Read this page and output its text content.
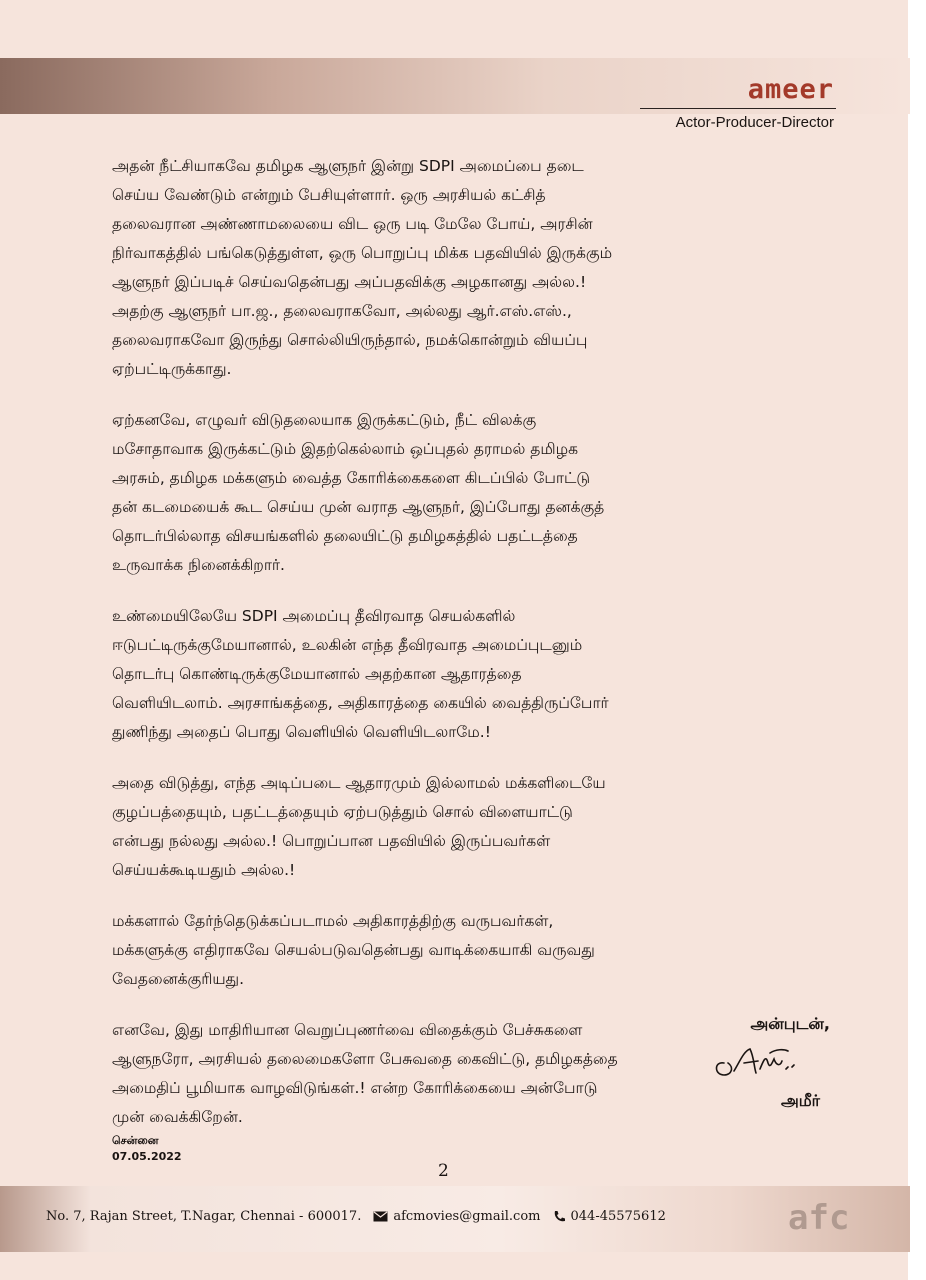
ameer
Actor-Producer-Director
அதன் நீட்சியாகவே தமிழக ஆளுநர் இன்று SDPI அமைப்பை தடை
செய்ய வேண்டும் என்றும் பேசியுள்ளார். ஒரு அரசியல் கட்சித்
தலைவரான அண்ணாமலையை விட ஒரு படி மேலே போய், அரசின்
நிர்வாகத்தில் பங்கெடுத்துள்ள, ஒரு பொறுப்பு மிக்க பதவியில் இருக்கும்
ஆளுநர் இப்படிச் செய்வதென்பது அப்பதவிக்கு அழகானது அல்ல.!
அதற்கு ஆளுநர் பா.ஜ., தலைவராகவோ, அல்லது ஆர்.எஸ்.எஸ்.,
தலைவராகவோ இருந்து சொல்லியிருந்தால், நமக்கொன்றும் வியப்பு
ஏற்பட்டிருக்காது.
ஏற்கனவே, எழுவர் விடுதலையாக இருக்கட்டும், நீட் விலக்கு
மசோதாவாக இருக்கட்டும் இதற்கெல்லாம் ஒப்புதல் தராமல் தமிழக
அரசும், தமிழக மக்களும் வைத்த கோரிக்கைகளை கிடப்பில் போட்டு
தன் கடமையைக் கூட செய்ய முன் வராத ஆளுநர், இப்போது தனக்குத்
தொடர்பில்லாத விசயங்களில் தலையிட்டு தமிழகத்தில் பதட்டத்தை
உருவாக்க நினைக்கிறார்.
உண்மையிலேயே SDPI அமைப்பு தீவிரவாத செயல்களில்
ஈடுபட்டிருக்குமேயானால், உலகின் எந்த தீவிரவாத அமைப்புடனும்
தொடர்பு கொண்டிருக்குமேயானால் அதற்கான ஆதாரத்தை
வெளியிடலாம். அரசாங்கத்தை, அதிகாரத்தை கையில் வைத்திருப்போர்
துணிந்து அதைப் பொது வெளியில் வெளியிடலாமே.!
அதை விடுத்து, எந்த அடிப்படை ஆதாரமும் இல்லாமல் மக்களிடையே
குழப்பத்தையும், பதட்டத்தையும் ஏற்படுத்தும் சொல் விளையாட்டு
என்பது நல்லது அல்ல.! பொறுப்பான பதவியில் இருப்பவர்கள்
செய்யக்கூடியதும் அல்ல.!
மக்களால் தேர்ந்தெடுக்கப்படாமல் அதிகாரத்திற்கு வருபவர்கள்,
மக்களுக்கு எதிராகவே செயல்படுவதென்பது வாடிக்கையாகி வருவது
வேதனைக்குரியது.
எனவே, இது மாதிரியான வெறுப்புணர்வை விதைக்கும் பேச்சுகளை
ஆளுநரோ, அரசியல் தலைமைகளோ பேசுவதை கைவிட்டு, தமிழகத்தை
அமைதிப் பூமியாக வாழவிடுங்கள்.! என்ற கோரிக்கையை அன்போடு
முன் வைக்கிறேன்.
அன்புடன்,
அமீர்
சென்னை
07.05.2022
2
No. 7, Rajan Street, T.Nagar, Chennai - 600017. afcmovies@gmail.com 044-45575612	afc
